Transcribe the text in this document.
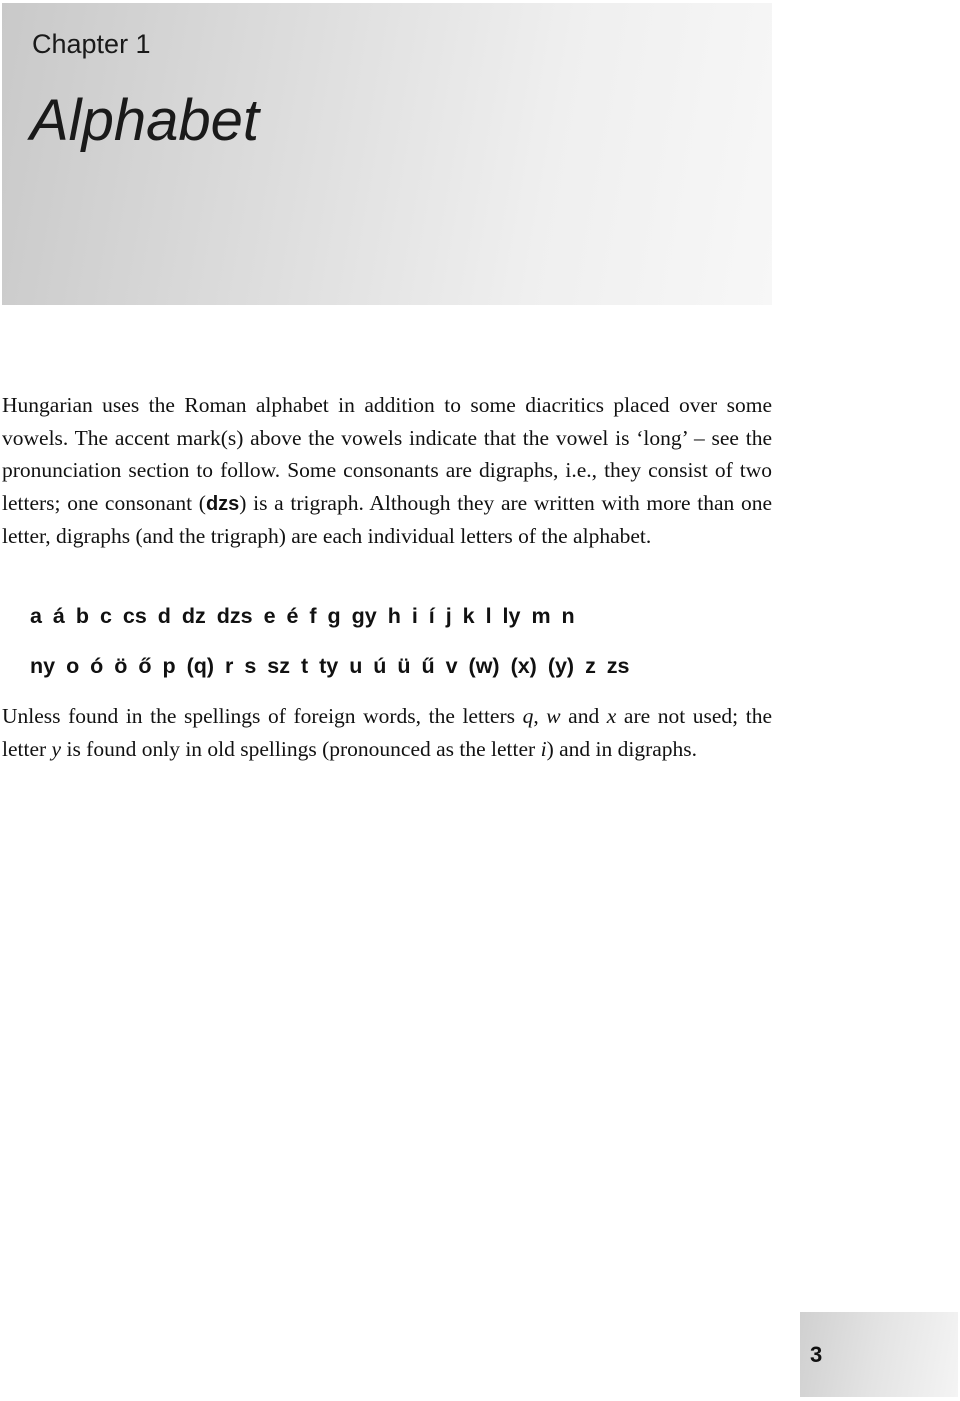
Chapter 1
Alphabet

Hungarian uses the Roman alphabet in addition to some diacritics placed over some vowels. The accent mark(s) above the vowels indicate that the vowel is ‘long’ – see the pronunciation section to follow. Some consonants are digraphs, i.e., they consist of two letters; one consonant (dzs) is a trigraph. Although they are written with more than one letter, digraphs (and the trigraph) are each individual letters of the alphabet.

a á b c cs d dz dzs e é f g gy h i í j k l ly m n
ny o ó ö ő p (q) r s sz t ty u ú ü ű v (w) (x) (y) z zs

Unless found in the spellings of foreign words, the letters q, w and x are not used; the letter y is found only in old spellings (pronounced as the letter i) and in digraphs.

3
